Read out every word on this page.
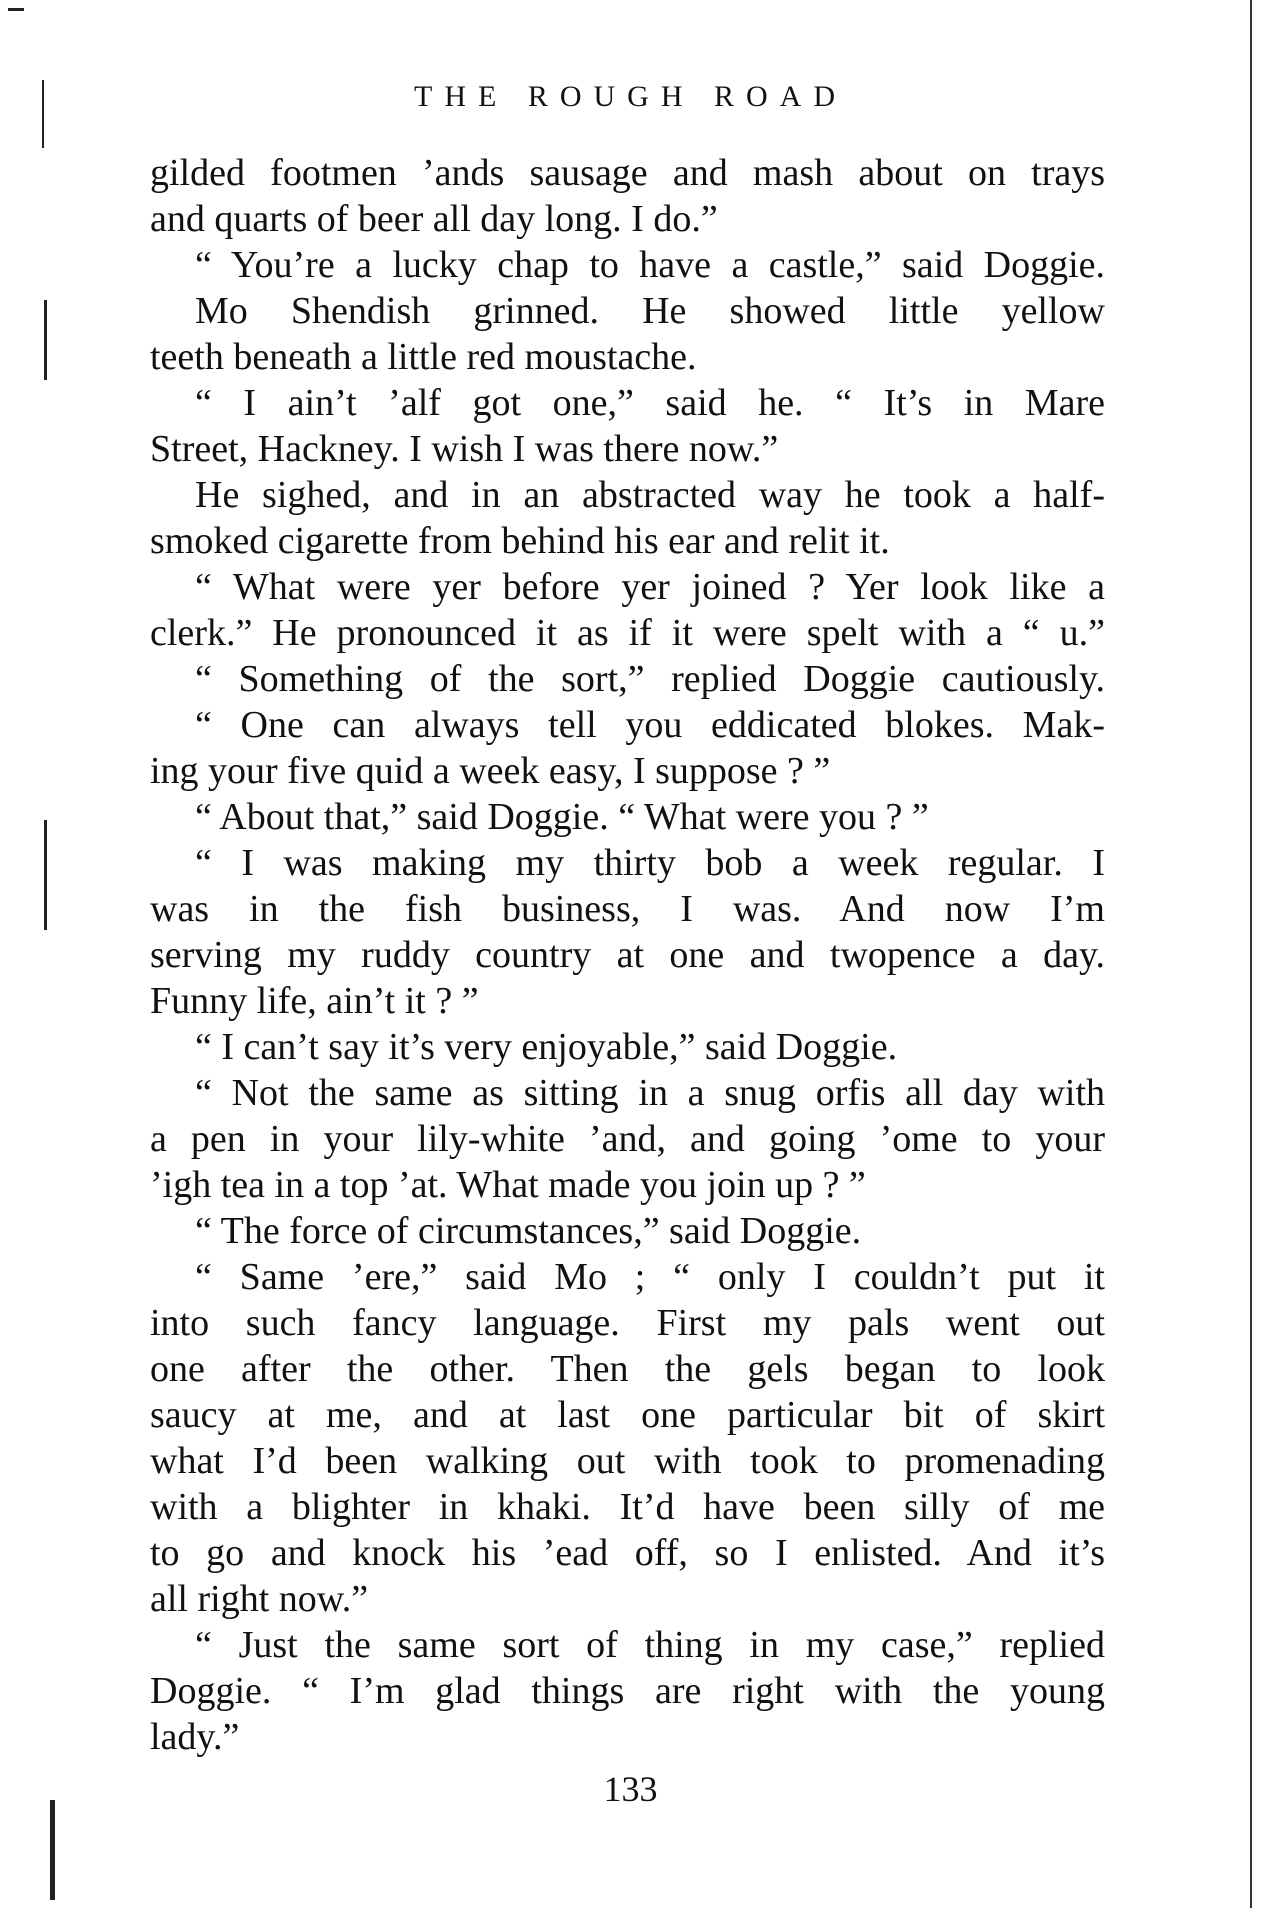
THE ROUGH ROAD
gilded footmen ’ands sausage and mash about on trays
and quarts of beer all day long. I do.”
“ You’re a lucky chap to have a castle,” said Doggie.
Mo Shendish grinned. He showed little yellow
teeth beneath a little red moustache.
“ I ain’t ’alf got one,” said he. “ It’s in Mare
Street, Hackney. I wish I was there now.”
He sighed, and in an abstracted way he took a half-
smoked cigarette from behind his ear and relit it.
“ What were yer before yer joined ? Yer look like a
clerk.” He pronounced it as if it were spelt with a “ u.”
“ Something of the sort,” replied Doggie cautiously.
“ One can always tell you eddicated blokes. Mak-
ing your five quid a week easy, I suppose ? ”
“ About that,” said Doggie. “ What were you ? ”
“ I was making my thirty bob a week regular. I
was in the fish business, I was. And now I’m
serving my ruddy country at one and twopence a day.
Funny life, ain’t it ? ”
“ I can’t say it’s very enjoyable,” said Doggie.
“ Not the same as sitting in a snug orfis all day with
a pen in your lily-white ’and, and going ’ome to your
’igh tea in a top ’at. What made you join up ? ”
“ The force of circumstances,” said Doggie.
“ Same ’ere,” said Mo ; “ only I couldn’t put it
into such fancy language. First my pals went out
one after the other. Then the gels began to look
saucy at me, and at last one particular bit of skirt
what I’d been walking out with took to promenading
with a blighter in khaki. It’d have been silly of me
to go and knock his ’ead off, so I enlisted. And it’s
all right now.”
“ Just the same sort of thing in my case,” replied
Doggie. “ I’m glad things are right with the young
lady.”
133
